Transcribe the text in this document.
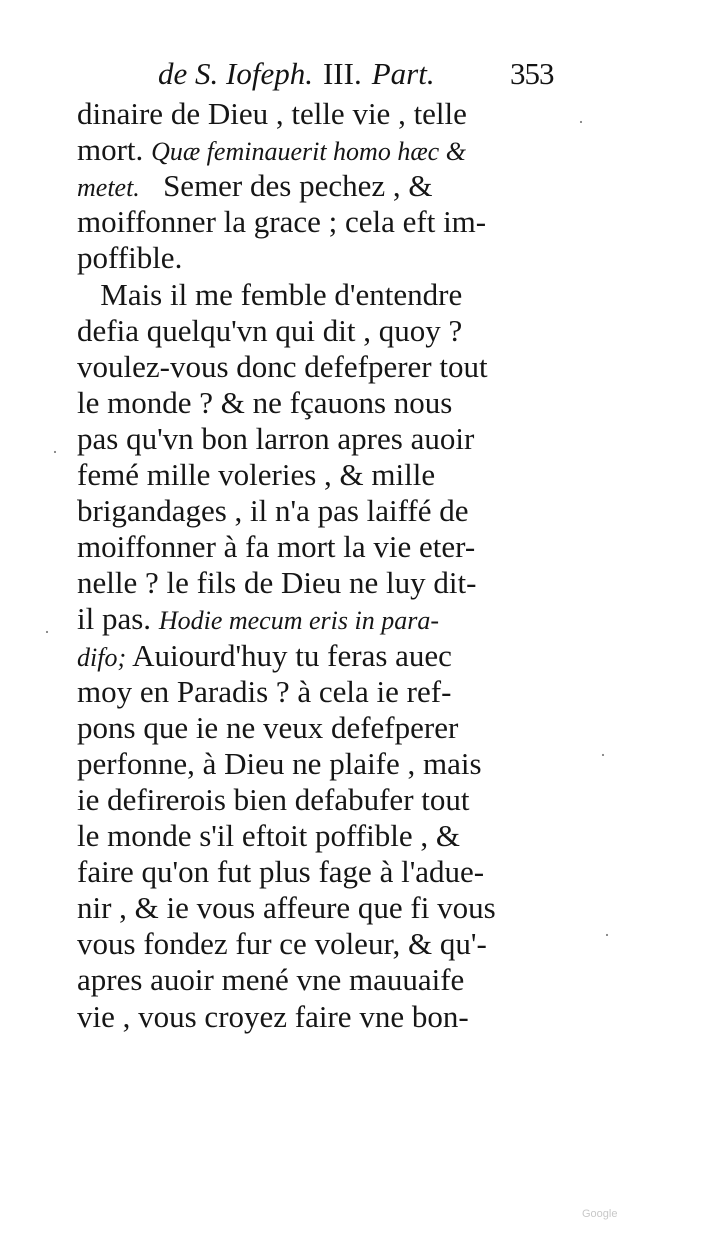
de S. Iofeph. III. Part. 353
dinaire de Dieu , telle vie , telle
mort. Quæ feminauerit homo hæc &
metet.   Semer des pechez , &
moiffonner la grace ; cela eft im-
poffible.
Mais il me femble d'entendre
defia quelqu'vn qui dit , quoy ?
voulez-vous donc defefperer tout
le monde ? & ne fçauons nous
pas qu'vn bon larron apres auoir
femé mille voleries , & mille
brigandages , il n'a pas laiffé de
moiffonner à fa mort la vie eter-
nelle ? le fils de Dieu ne luy dit-
il pas. Hodie mecum eris in para-
difo; Auiourd'huy tu feras auec
moy en Paradis ? à cela ie ref-
pons que ie ne veux defefperer
perfonne, à Dieu ne plaife , mais
ie defirerois bien defabufer tout
le monde s'il eftoit poffible , &
faire qu'on fut plus fage à l'adue-
nir , & ie vous affeure que fi vous
vous fondez fur ce voleur, & qu'-
apres auoir mené vne mauuaife
vie , vous croyez faire vne bon-
·
·
·
·
·
Google
